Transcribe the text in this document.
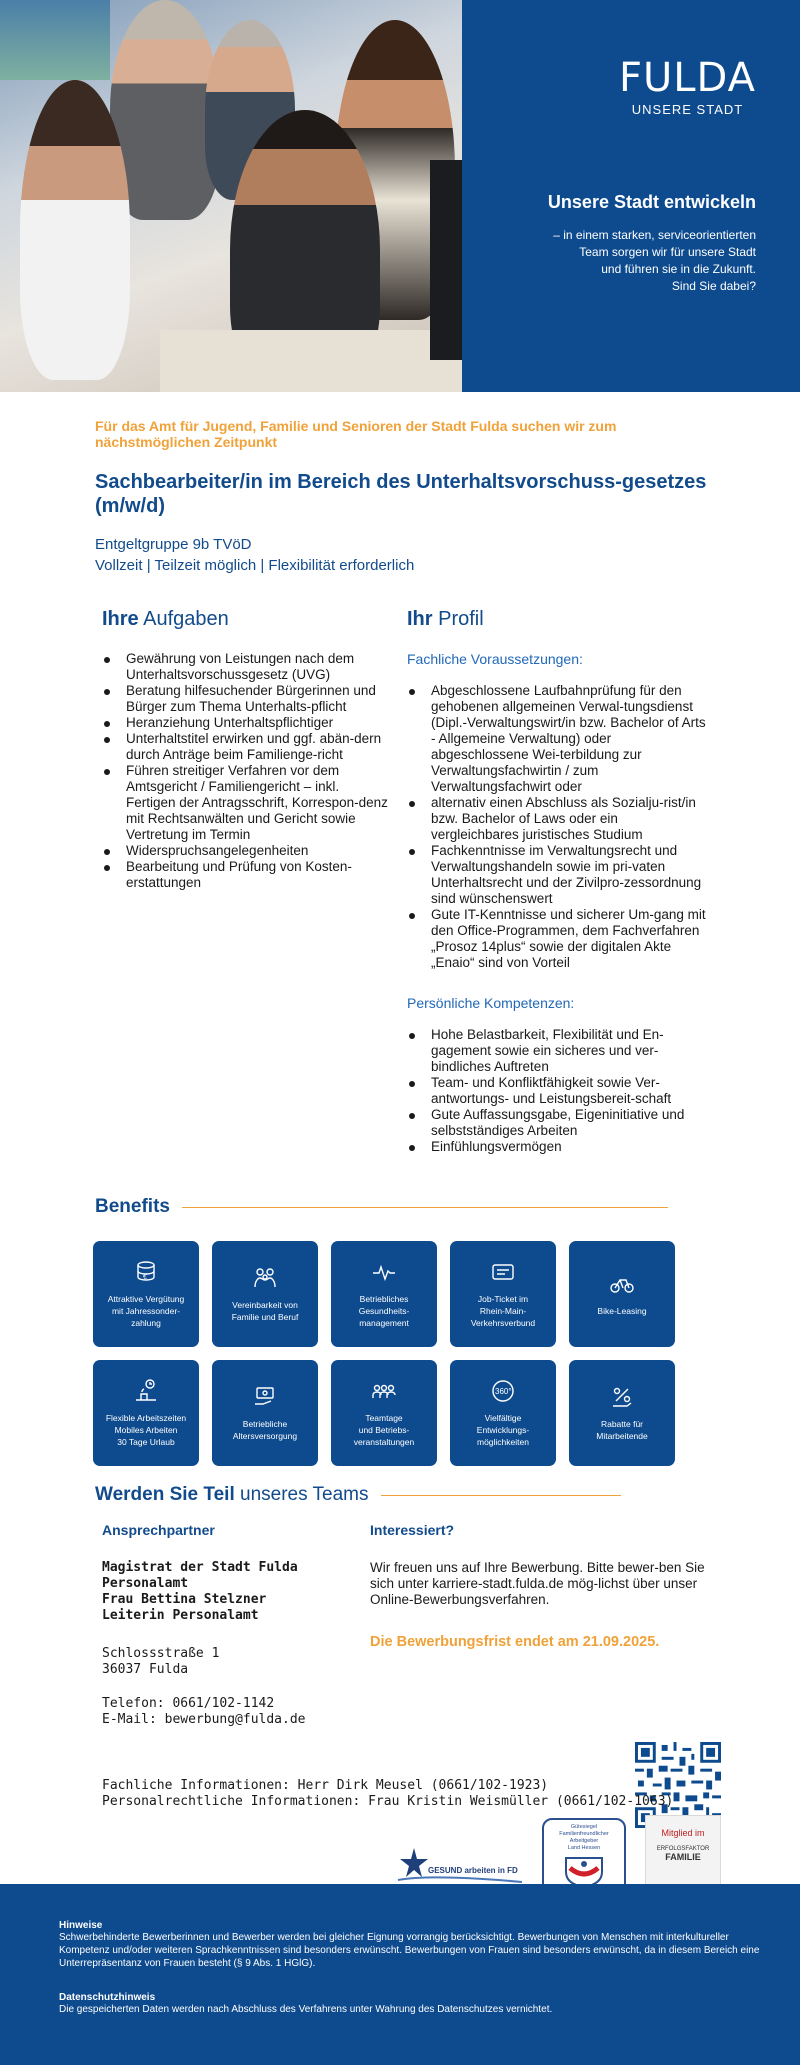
FULDA
UNSERE STADT
Unsere Stadt entwickeln
– in einem starken, serviceorientierten
Team sorgen wir für unsere Stadt
und führen sie in die Zukunft.
Sind Sie dabei?
Für das Amt für Jugend, Familie und Senioren der Stadt Fulda suchen wir zum nächstmöglichen Zeitpunkt
Sachbearbeiter/in im Bereich des Unterhaltsvorschuss-gesetzes (m/w/d)
Entgeltgruppe 9b TVöD
Vollzeit | Teilzeit möglich | Flexibilität erforderlich
Ihre Aufgaben
Gewährung von Leistungen nach dem Unterhaltsvorschussgesetz (UVG)
Beratung hilfesuchender Bürgerinnen und Bürger zum Thema Unterhalts-pflicht
Heranziehung Unterhaltspflichtiger
Unterhaltstitel erwirken und ggf. abän-dern durch Anträge beim Familienge-richt
Führen streitiger Verfahren vor dem Amtsgericht / Familiengericht – inkl. Fertigen der Antragsschrift, Korrespon-denz mit Rechtsanwälten und Gericht sowie Vertretung im Termin
Widerspruchsangelegenheiten
Bearbeitung und Prüfung von Kosten-erstattungen
Ihr Profil
Fachliche Voraussetzungen:
Abgeschlossene Laufbahnprüfung für den gehobenen allgemeinen Verwal-tungsdienst (Dipl.-Verwaltungswirt/in bzw. Bachelor of Arts - Allgemeine Verwaltung) oder abgeschlossene Wei-terbildung zur Verwaltungsfachwirtin / zum Verwaltungsfachwirt oder
alternativ einen Abschluss als Sozialju-rist/in bzw. Bachelor of Laws oder ein vergleichbares juristisches Studium
Fachkenntnisse im Verwaltungsrecht und Verwaltungshandeln sowie im pri-vaten Unterhaltsrecht und der Zivilpro-zessordnung sind wünschenswert
Gute IT-Kenntnisse und sicherer Um-gang mit den Office-Programmen, dem Fachverfahren „Prosoz 14plus“ sowie der digitalen Akte „Enaio“ sind von Vorteil
Persönliche Kompetenzen:
Hohe Belastbarkeit, Flexibilität und En-gagement sowie ein sicheres und ver-bindliches Auftreten
Team- und Konfliktfähigkeit sowie Ver-antwortungs- und Leistungsbereit-schaft
Gute Auffassungsgabe, Eigeninitiative und selbstständiges Arbeiten
Einfühlungsvermögen
Benefits
€
Attraktive Vergütung
mit Jahressonder-
zahlung
Vereinbarkeit von
Familie und Beruf
Betriebliches
Gesundheits-
management
Job-Ticket im
Rhein-Main-
Verkehrsverbund
Bike-Leasing
Flexible Arbeitszeiten
Mobiles Arbeiten
30 Tage Urlaub
Betriebliche
Altersversorgung
Teamtage
und Betriebs-
veranstaltungen
360°
Vielfältige
Entwicklungs-
möglichkeiten
Rabatte für
Mitarbeitende
Werden Sie Teil unseres Teams
Ansprechpartner
Magistrat der Stadt Fulda
Personalamt
Frau Bettina Stelzner
Leiterin Personalamt
Schlossstraße 1
36037 Fulda
Telefon: 0661/102-1142
E-Mail: bewerbung@fulda.de
Interessiert?
Wir freuen uns auf Ihre Bewerbung. Bitte bewer-ben Sie sich unter karriere-stadt.fulda.de mög-lichst über unser Online-Bewerbungsverfahren.
Die Bewerbungsfrist endet am 21.09.2025.
Fachliche Informationen: Herr Dirk Meusel (0661/102-1923)
Personalrechtliche Informationen: Frau Kristin Weismüller (0661/102-1063)
GESUND arbeiten in FD
Gütesiegel
Familienfreundlicher
Arbeitgeber
Land Hessen
Mitglied im
ERFOLGSFAKTOR
FAMILIE
Hinweise
Schwerbehinderte Bewerberinnen und Bewerber werden bei gleicher Eignung vorrangig berücksichtigt. Bewerbungen von Menschen mit interkultureller Kompetenz und/oder weiteren Sprachkenntnissen sind besonders erwünscht. Bewerbungen von Frauen sind besonders erwünscht, da in diesem Bereich eine Unterrepräsentanz von Frauen besteht (§ 9 Abs. 1 HGlG).
Datenschutzhinweis
Die gespeicherten Daten werden nach Abschluss des Verfahrens unter Wahrung des Datenschutzes vernichtet.
